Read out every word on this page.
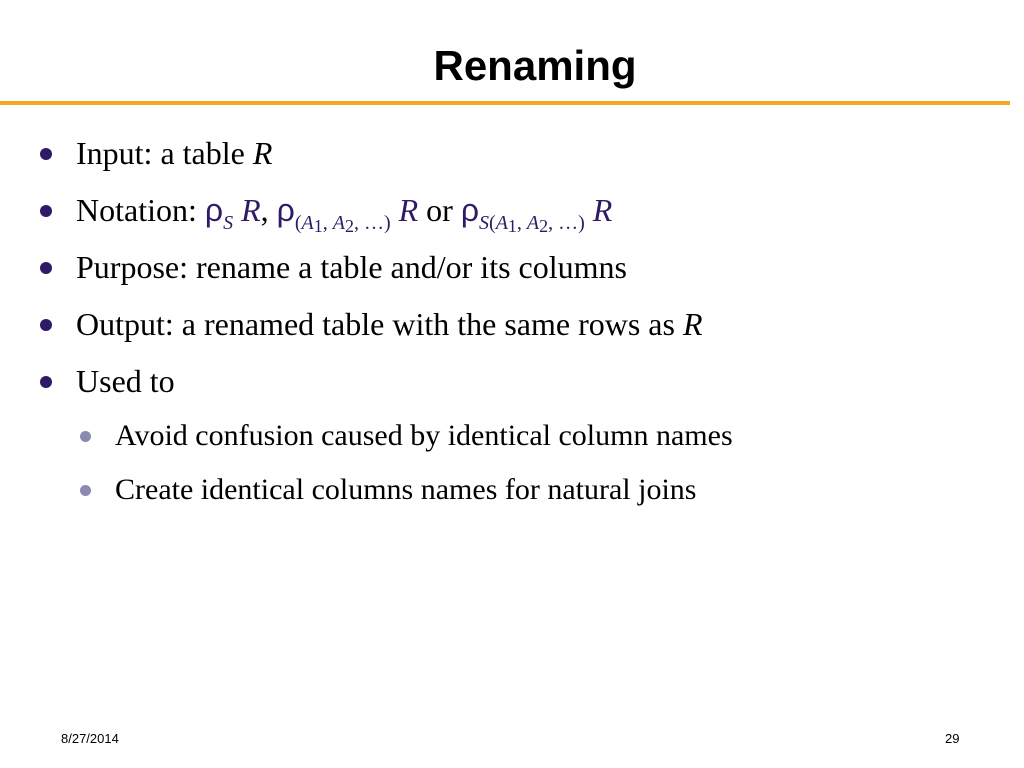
Renaming
Input: a table R
Notation: $\rho_S$ R, $\rho_{(A_1, A_2, \dots)}$ R or $\rho_{S(A_1, A_2, \dots)}$ R
Purpose: rename a table and/or its columns
Output: a renamed table with the same rows as R
Used to
Avoid confusion caused by identical column names
Create identical columns names for natural joins
8/27/2014	29
